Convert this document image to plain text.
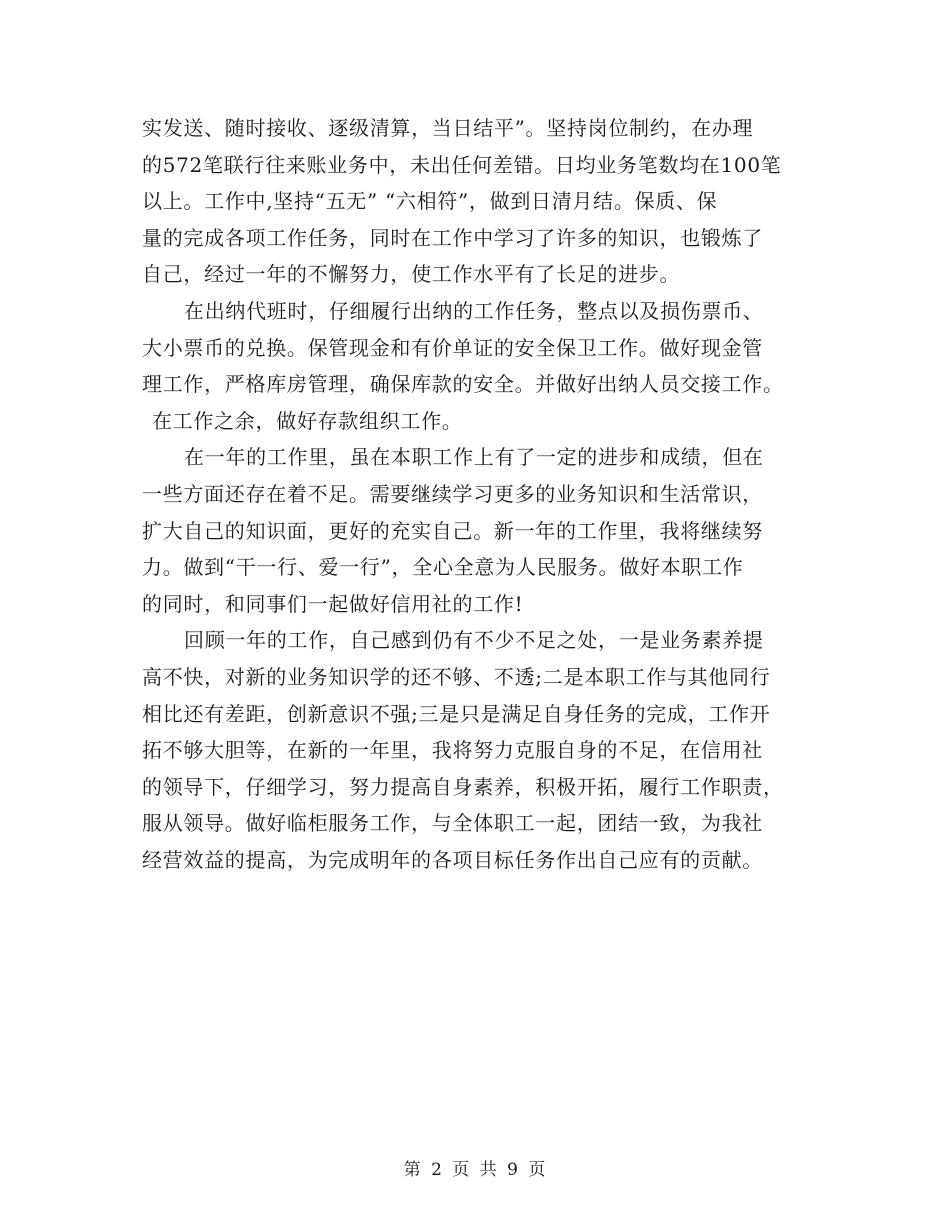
实发送、随时接收、逐级清算，当日结平”。坚持岗位制约，在办理
的572笔联行往来账业务中，未出任何差错。日均业务笔数均在100笔
以上。工作中,坚持“五无” “六相符”，做到日清月结。保质、保
量的完成各项工作任务，同时在工作中学习了许多的知识，也锻炼了
自己，经过一年的不懈努力，使工作水平有了长足的进步。
在出纳代班时，仔细履行出纳的工作任务，整点以及损伤票币、
大小票币的兑换。保管现金和有价单证的安全保卫工作。做好现金管
理工作，严格库房管理，确保库款的安全。并做好出纳人员交接工作。
在工作之余，做好存款组织工作。
在一年的工作里，虽在本职工作上有了一定的进步和成绩，但在
一些方面还存在着不足。需要继续学习更多的业务知识和生活常识，
扩大自己的知识面，更好的充实自己。新一年的工作里，我将继续努
力。做到“干一行、爱一行”，全心全意为人民服务。做好本职工作
的同时，和同事们一起做好信用社的工作!
回顾一年的工作，自己感到仍有不少不足之处，一是业务素养提
高不快，对新的业务知识学的还不够、不透;二是本职工作与其他同行
相比还有差距，创新意识不强;三是只是满足自身任务的完成，工作开
拓不够大胆等，在新的一年里，我将努力克服自身的不足，在信用社
的领导下，仔细学习，努力提高自身素养，积极开拓，履行工作职责，
服从领导。做好临柜服务工作，与全体职工一起，团结一致，为我社
经营效益的提高，为完成明年的各项目标任务作出自己应有的贡献。
第 2 页 共 9 页
